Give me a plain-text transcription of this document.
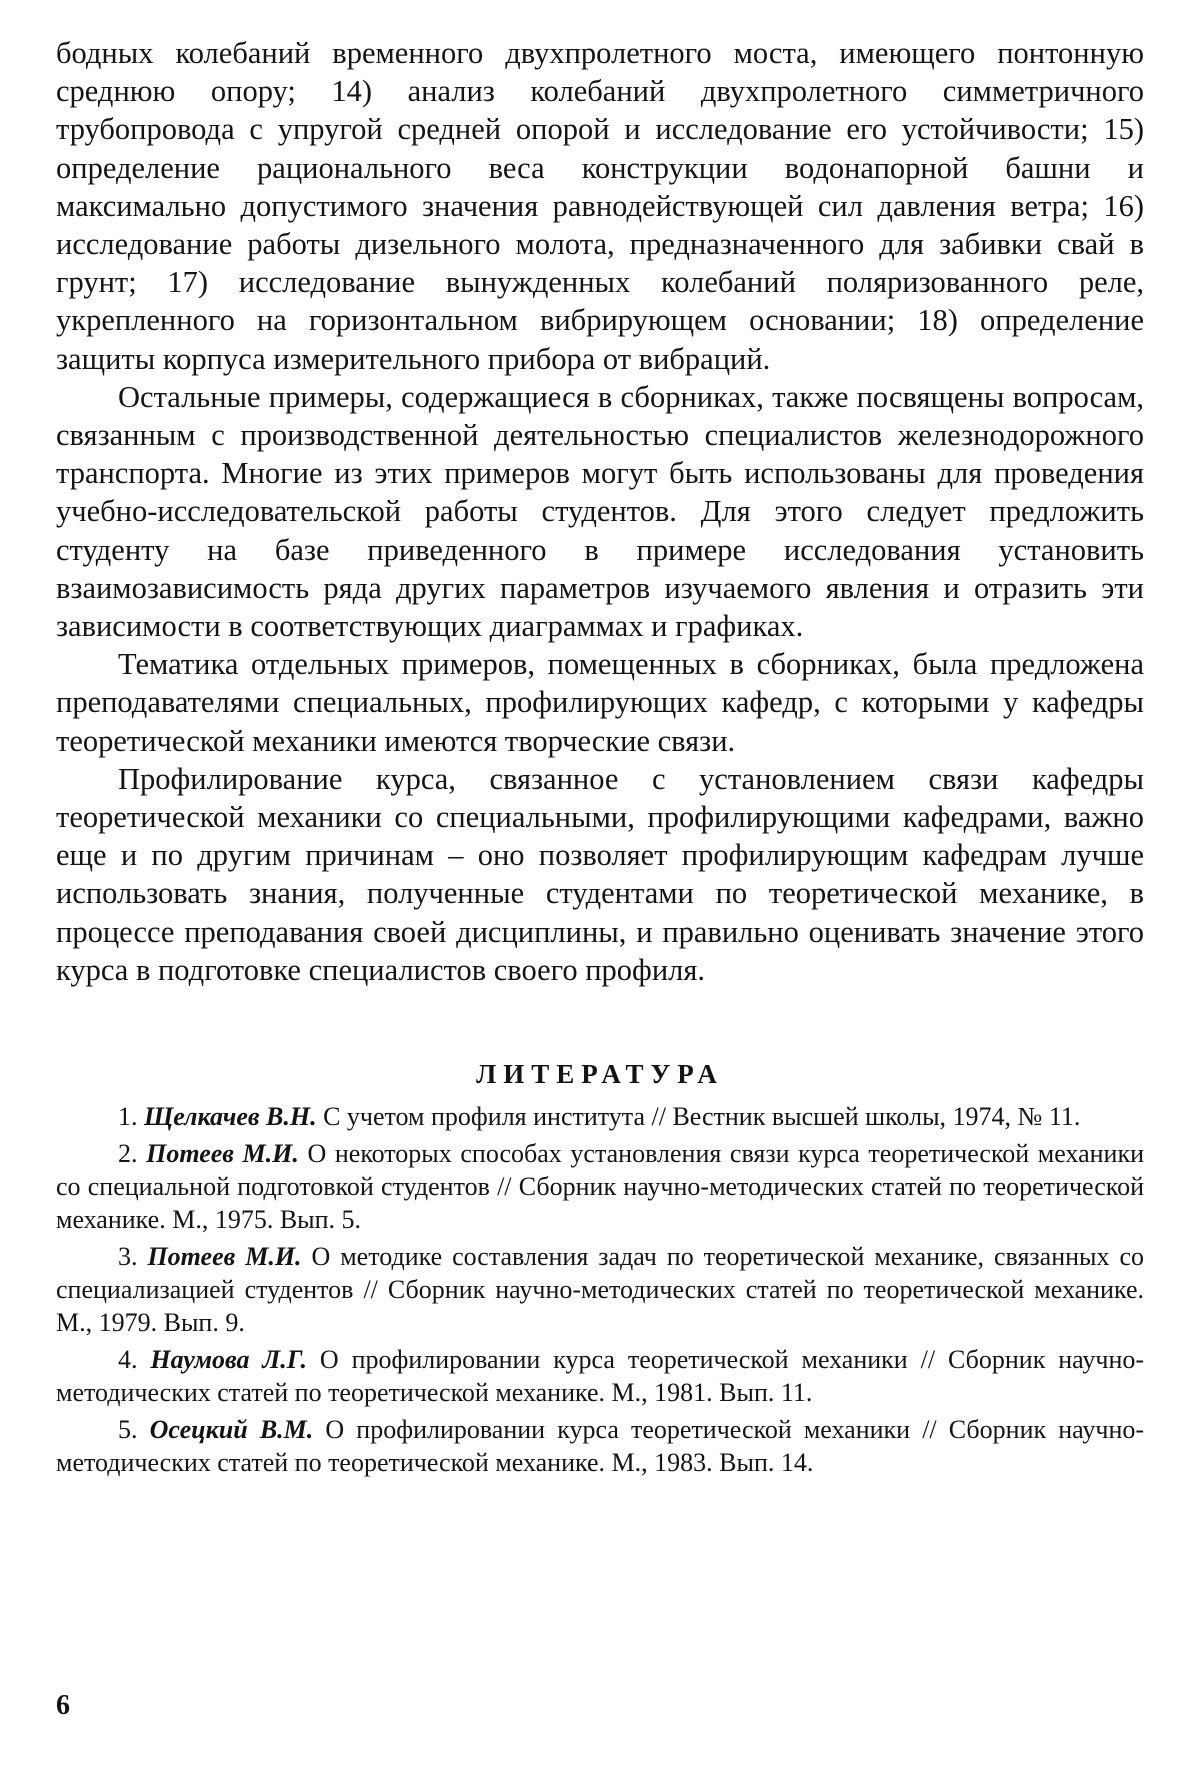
бодных колебаний временного двухпролетного моста, имеющего понтонную среднюю опору; 14) анализ колебаний двухпролетного симметричного трубопровода с упругой средней опорой и исследование его устойчивости; 15) определение рационального веса конструкции водонапорной башни и максимально допустимого значения равнодействующей сил давления ветра; 16) исследование работы дизельного молота, предназначенного для забивки свай в грунт; 17) исследование вынужденных колебаний поляризованного реле, укрепленного на горизонтальном вибрирующем основании; 18) определение защиты корпуса измерительного прибора от вибраций.

Остальные примеры, содержащиеся в сборниках, также посвящены вопросам, связанным с производственной деятельностью специалистов железнодорожного транспорта. Многие из этих примеров могут быть использованы для проведения учебно-исследовательской работы студентов. Для этого следует предложить студенту на базе приведенного в примере исследования установить взаимозависимость ряда других параметров изучаемого явления и отразить эти зависимости в соответствующих диаграммах и графиках.

Тематика отдельных примеров, помещенных в сборниках, была предложена преподавателями специальных, профилирующих кафедр, с которыми у кафедры теоретической механики имеются творческие связи.

Профилирование курса, связанное с установлением связи кафедры теоретической механики со специальными, профилирующими кафедрами, важно еще и по другим причинам – оно позволяет профилирующим кафедрам лучше использовать знания, полученные студентами по теоретической механике, в процессе преподавания своей дисциплины, и правильно оценивать значение этого курса в подготовке специалистов своего профиля.

ЛИТЕРАТУРА
1. Щелкачев В.Н. С учетом профиля института // Вестник высшей школы, 1974, № 11.
2. Потеев М.И. О некоторых способах установления связи курса теоретической механики со специальной подготовкой студентов // Сборник научно-методических статей по теоретической механике. М., 1975. Вып. 5.
3. Потеев М.И. О методике составления задач по теоретической механике, связанных со специализацией студентов // Сборник научно-методических статей по теоретической механике. М., 1979. Вып. 9.
4. Наумова Л.Г. О профилировании курса теоретической механики // Сборник научно-методических статей по теоретической механике. М., 1981. Вып. 11.
5. Осецкий В.М. О профилировании курса теоретической механики // Сборник научно-методических статей по теоретической механике. М., 1983. Вып. 14.
6
